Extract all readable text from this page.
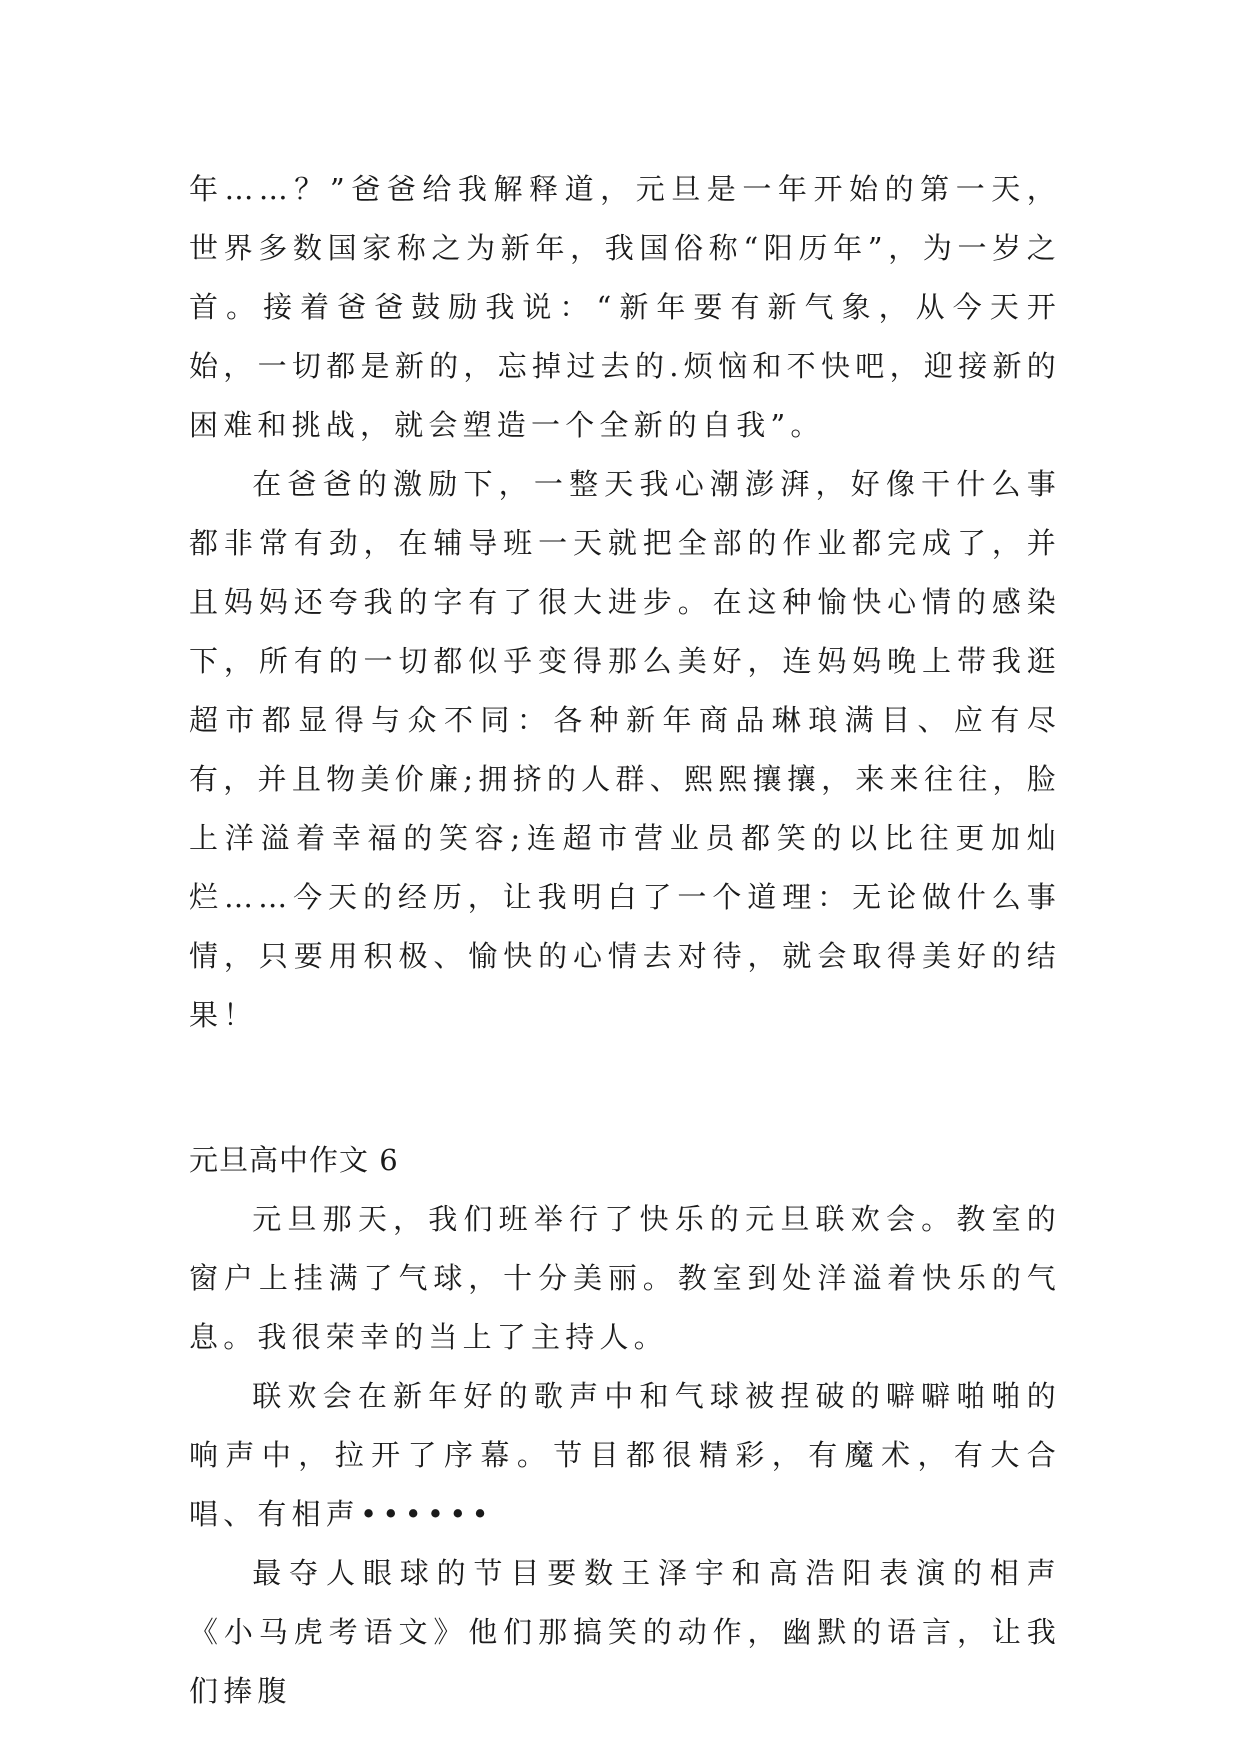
年……？”爸爸给我解释道，元旦是一年开始的第一天，世界多数国家称之为新年，我国俗称“阳历年”，为一岁之首。接着爸爸鼓励我说：“新年要有新气象，从今天开始，一切都是新的，忘掉过去的.烦恼和不快吧，迎接新的困难和挑战，就会塑造一个全新的自我”。

在爸爸的激励下，一整天我心潮澎湃，好像干什么事都非常有劲，在辅导班一天就把全部的作业都完成了，并且妈妈还夸我的字有了很大进步。在这种愉快心情的感染下，所有的一切都似乎变得那么美好，连妈妈晚上带我逛超市都显得与众不同：各种新年商品琳琅满目、应有尽有，并且物美价廉;拥挤的人群、熙熙攘攘，来来往往，脸上洋溢着幸福的笑容;连超市营业员都笑的以比往更加灿烂……今天的经历，让我明白了一个道理：无论做什么事情，只要用积极、愉快的心情去对待，就会取得美好的结果！

元旦高中作文 6

元旦那天，我们班举行了快乐的元旦联欢会。教室的窗户上挂满了气球，十分美丽。教室到处洋溢着快乐的气息。我很荣幸的当上了主持人。

联欢会在新年好的歌声中和气球被捏破的噼噼啪啪的响声中，拉开了序幕。节目都很精彩，有魔术，有大合唱、有相声••••••

最夺人眼球的节目要数王泽宇和高浩阳表演的相声《小马虎考语文》他们那搞笑的动作，幽默的语言，让我们捧腹
